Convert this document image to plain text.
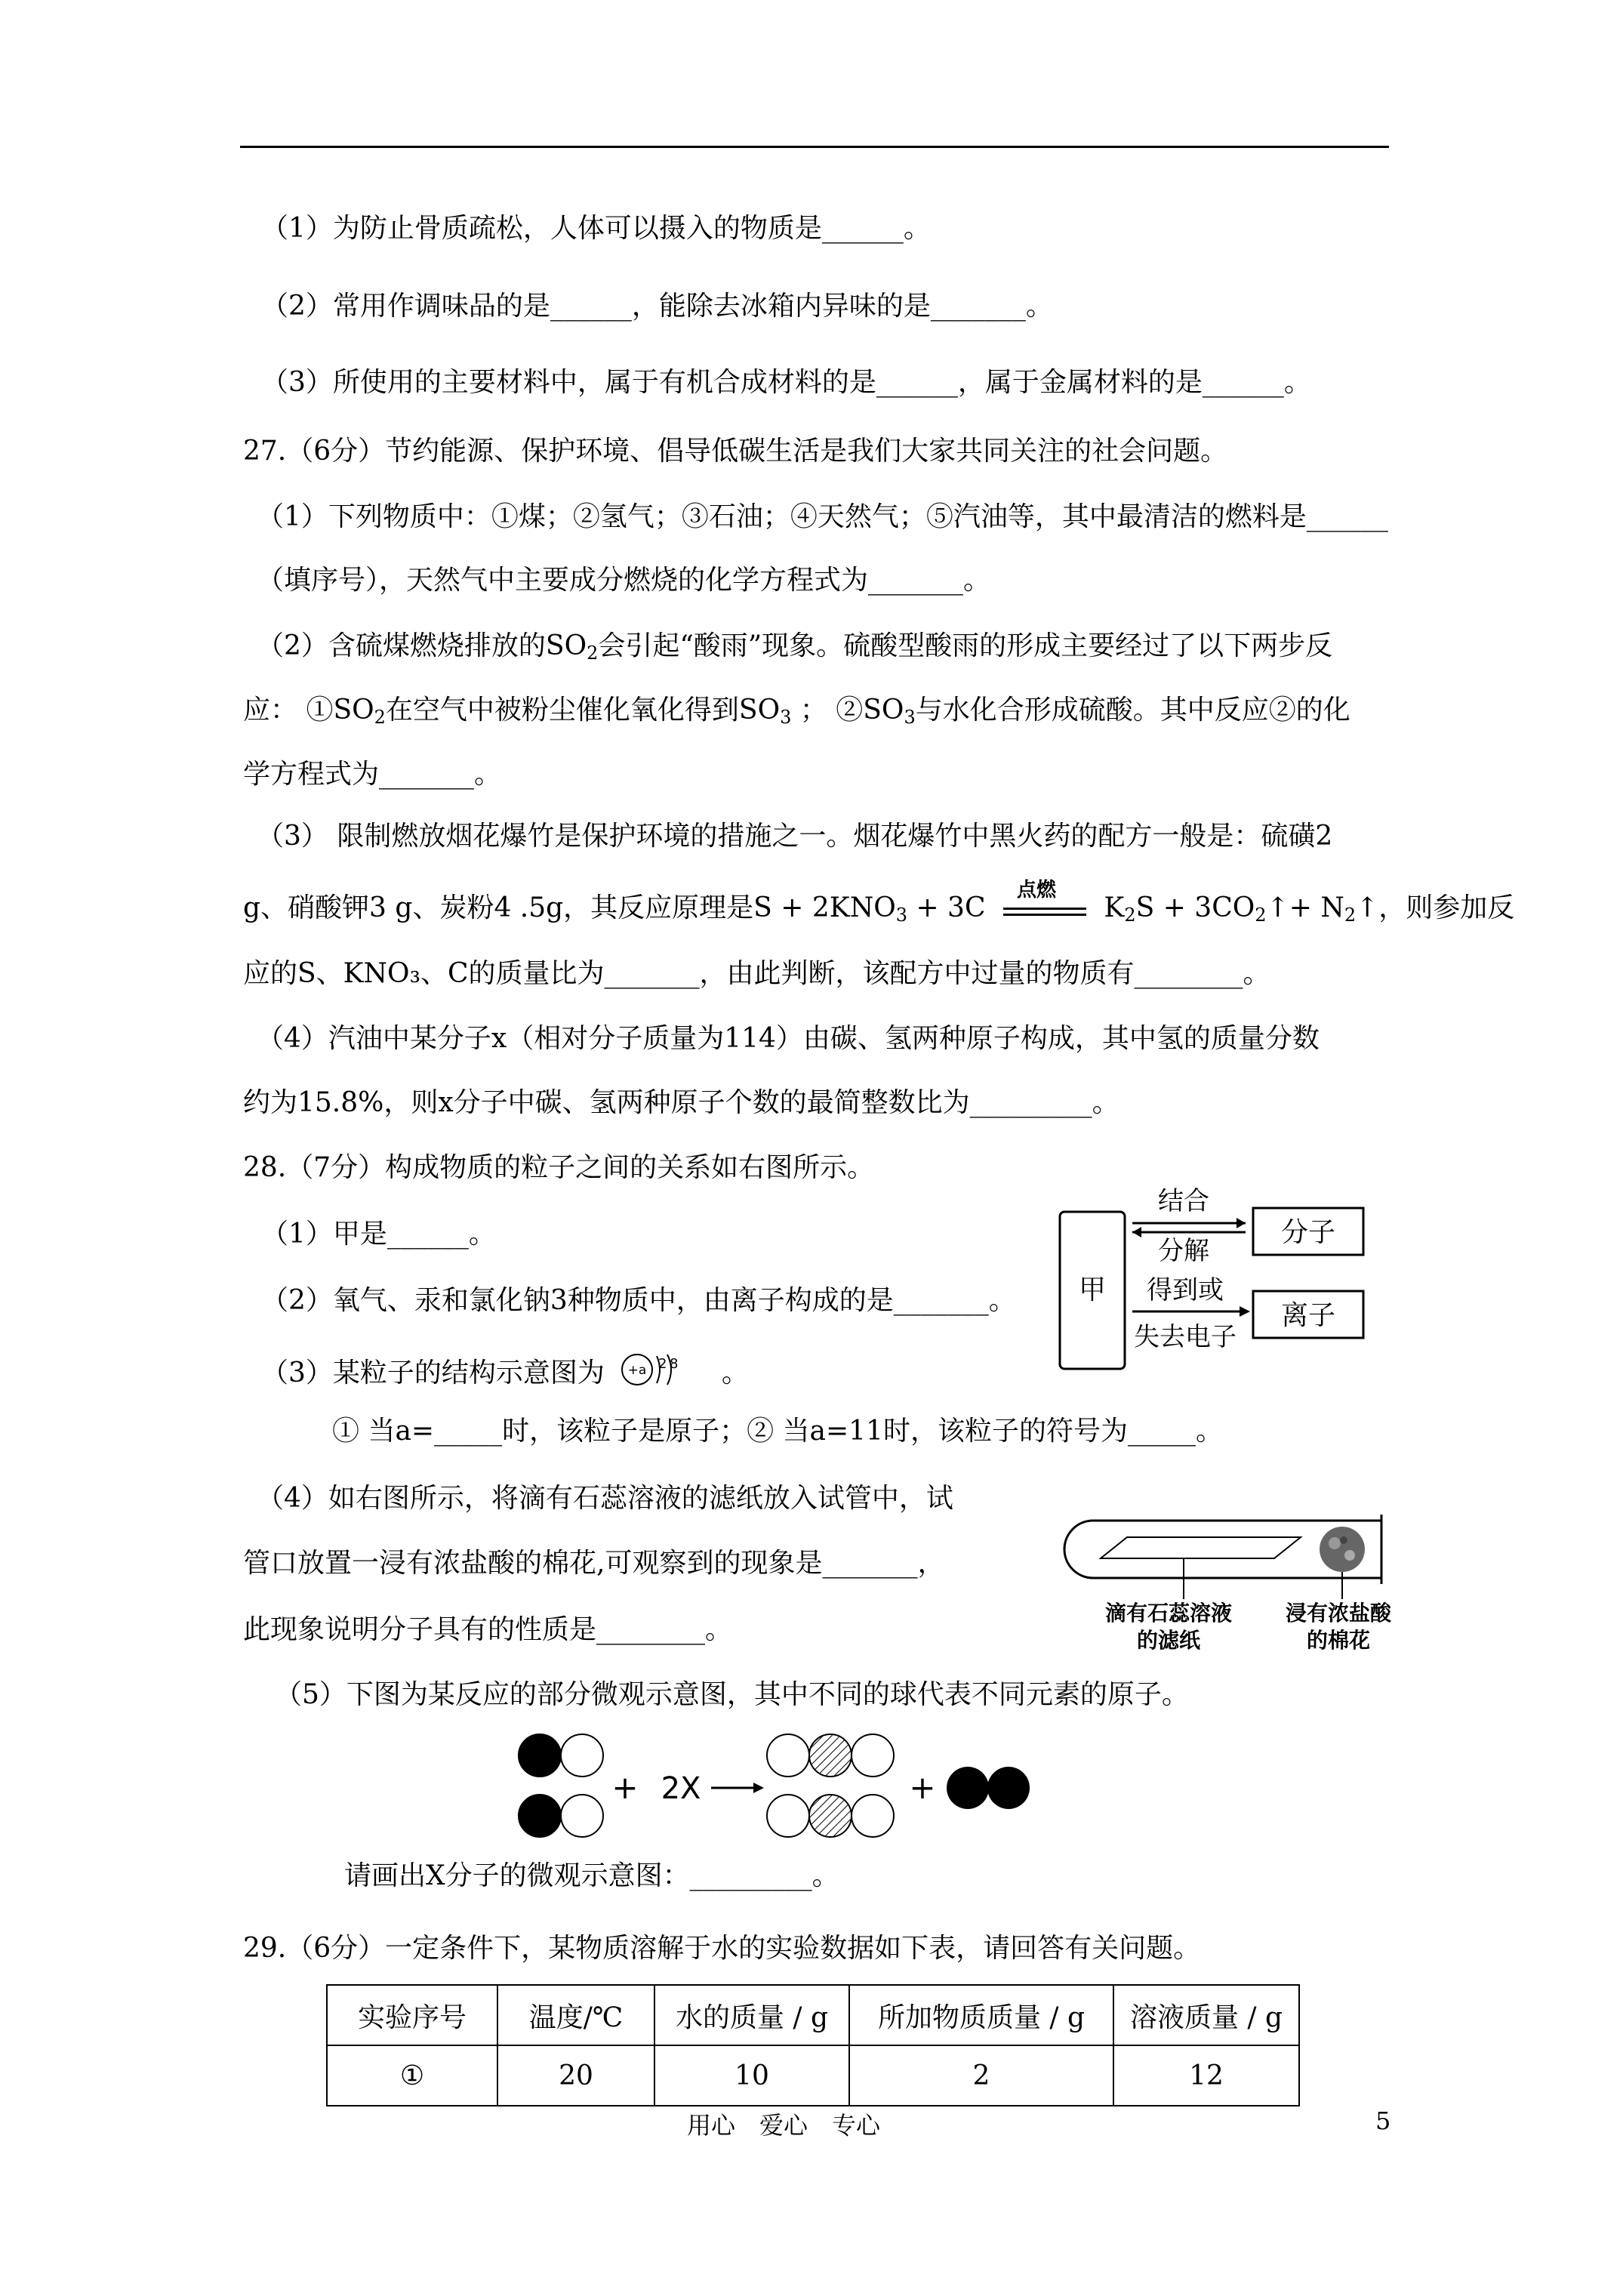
（1）为防止骨质疏松，人体可以摄入的物质是______。
（2）常用作调味品的是______，能除去冰箱内异味的是_______。
（3）所使用的主要材料中，属于有机合成材料的是______，属于金属材料的是______。
27.（6分）节约能源、保护环境、倡导低碳生活是我们大家共同关注的社会问题。
（1）下列物质中：①煤；②氢气；③石油；④天然气；⑤汽油等，其中最清洁的燃料是______
（填序号），天然气中主要成分燃烧的化学方程式为_______。
（2）含硫煤燃烧排放的$SO_2$会引起“酸雨”现象。硫酸型酸雨的形成主要经过了以下两步反
应： $①SO_2$在空气中被粉尘催化氧化得到$SO_3$ ； $②SO_3$与水化合形成硫酸。其中反应②的化
学方程式为_______。
（3） 限制燃放烟花爆竹是保护环境的措施之一。烟花爆竹中黑火药的配方一般是：硫磺2
g、硝酸钾3 g、炭粉4 .5g，其反应原理是$S + 2KNO_3 + 3C$
点燃
$K_2S$ + $3CO_2↑+$ $N_2↑$，则参加反
应的S、KNO₃、C的质量比为_______，由此判断，该配方中过量的物质有________。
（4）汽油中某分子x（相对分子质量为114）由碳、氢两种原子构成，其中氢的质量分数
约为15.8%，则x分子中碳、氢两种原子个数的最简整数比为_________。
28.（7分）构成物质的粒子之间的关系如右图所示。
（1）甲是______。
（2）氧气、汞和氯化钠3种物质中，由离子构成的是_______。 甲
结合
分解
分子
得到或
失去电子
离子
（3）某粒子的结构示意图为 +a 2 8 。
① 当a=_____时，该粒子是原子；② 当a=11时，该粒子的符号为_____。
（4）如右图所示，将滴有石蕊溶液的滤纸放入试管中，试
管口放置一浸有浓盐酸的棉花,可观察到的现象是_______，
此现象说明分子具有的性质是________。
滴有石蕊溶液
的滤纸
浸有浓盐酸
的棉花
（5）下图为某反应的部分微观示意图，其中不同的球代表不同元素的原子。
+ 2X	+
请画出X分子的微观示意图：_________。
29.（6分）一定条件下，某物质溶解于水的实验数据如下表，请回答有关问题。
实验序号	温度/℃	水的质量 / g	所加物质质量 / g	溶液质量 / g
①	20	10	2	12
用心　爱心　专心	5
